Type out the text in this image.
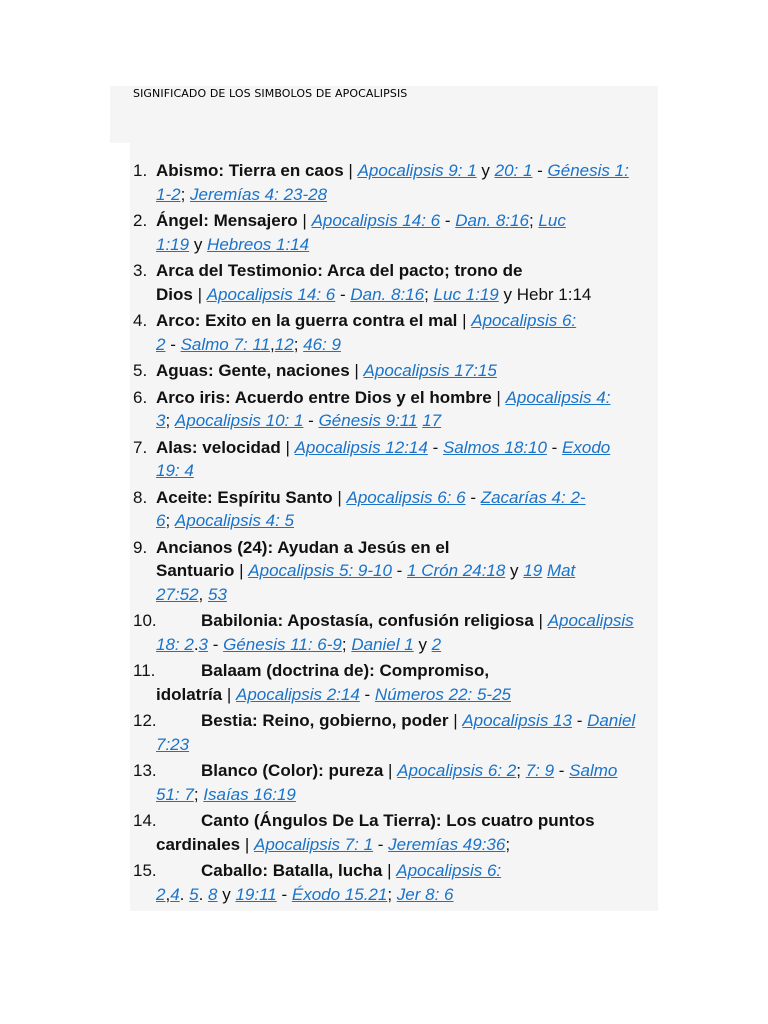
SIGNIFICADO DE LOS SIMBOLOS DE APOCALIPSIS
1. Abismo: Tierra en caos | Apocalipsis 9: 1 y 20: 1 - Génesis 1:
1-2; Jeremías 4: 23-28
2. Ángel: Mensajero | Apocalipsis 14: 6 - Dan. 8:16; Luc
1:19 y Hebreos 1:14
3. Arca del Testimonio: Arca del pacto; trono de
Dios | Apocalipsis 14: 6 - Dan. 8:16; Luc 1:19 y Hebr 1:14
4. Arco: Exito en la guerra contra el mal | Apocalipsis 6:
2 - Salmo 7: 11,12; 46: 9
5. Aguas: Gente, naciones | Apocalipsis 17:15
6. Arco iris: Acuerdo entre Dios y el hombre | Apocalipsis 4:
3; Apocalipsis 10: 1 - Génesis 9:11 17
7. Alas: velocidad | Apocalipsis 12:14 - Salmos 18:10 - Exodo
19: 4
8. Aceite: Espíritu Santo | Apocalipsis 6: 6 - Zacarías 4: 2-
6; Apocalipsis 4: 5
9. Ancianos (24): Ayudan a Jesús en el
Santuario | Apocalipsis 5: 9-10 - 1 Crón 24:18 y 19 Mat
27:52, 53
10.	Babilonia: Apostasía, confusión religiosa | Apocalipsis
18: 2.3 - Génesis 11: 6-9; Daniel 1 y 2
11.	Balaam (doctrina de): Compromiso,
idolatría | Apocalipsis 2:14 - Números 22: 5-25
12.	Bestia: Reino, gobierno, poder | Apocalipsis 13 - Daniel
7:23
13.	Blanco (Color): pureza | Apocalipsis 6: 2; 7: 9 - Salmo
51: 7; Isaías 16:19
14.	Canto (Ángulos De La Tierra): Los cuatro puntos
cardinales | Apocalipsis 7: 1 - Jeremías 49:36;
15.	Caballo: Batalla, lucha | Apocalipsis 6:
2,4. 5. 8 y 19:11 - Éxodo 15.21; Jer 8: 6
